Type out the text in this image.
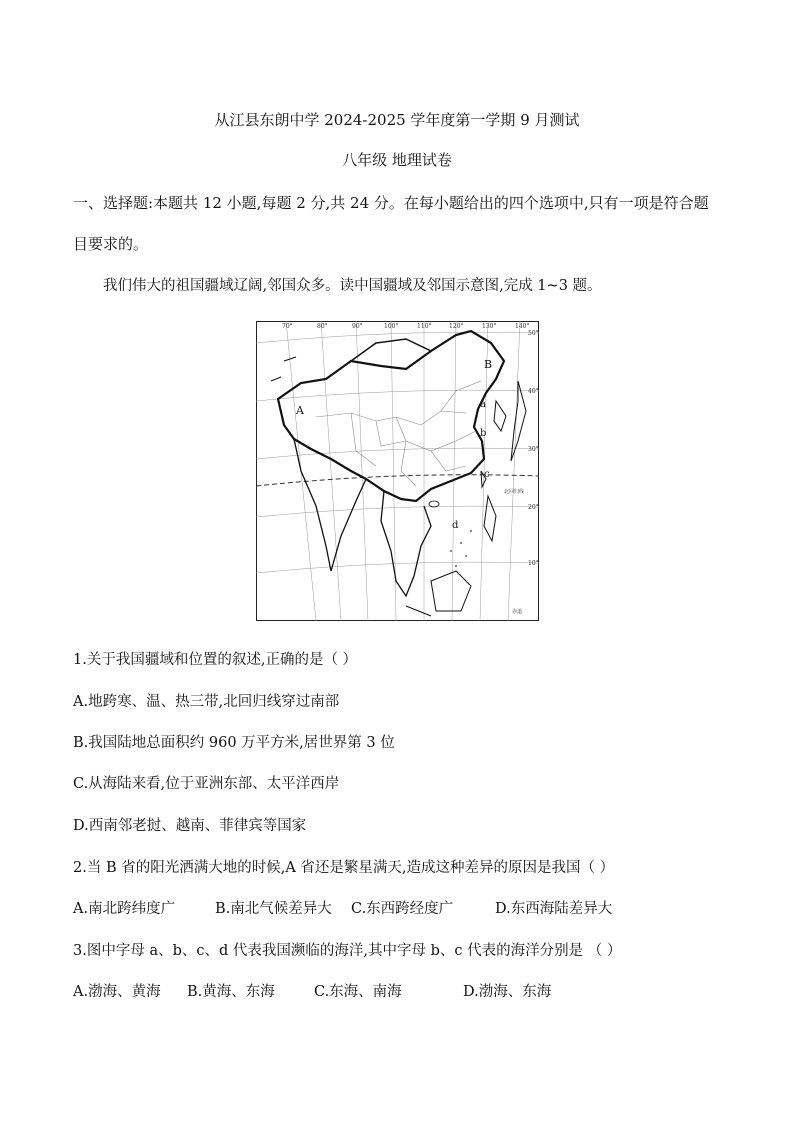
从江县东朗中学 2024-2025 学年度第一学期 9 月测试
八年级 地理试卷
一、选择题:本题共 12 小题,每题 2 分,共 24 分。在每小题给出的四个选项中,只有一项是符合题
目要求的。
我们伟大的祖国疆域辽阔,邻国众多。读中国疆域及邻国示意图,完成 1~3 题。
70°	80°	90°	100°	110°	120°	130°	140°
50°
40°
30°
20°
10°
北回归线
赤道
A
B
a
b
c
d
1.关于我国疆域和位置的叙述,正确的是（ ）
A.地跨寒、温、热三带,北回归线穿过南部
B.我国陆地总面积约 960 万平方米,居世界第 3 位
C.从海陆来看,位于亚洲东部、太平洋西岸
D.西南邻老挝、越南、菲律宾等国家
2.当 B 省的阳光洒满大地的时候,A 省还是繁星满天,造成这种差异的原因是我国（ ）
A.南北跨纬度广	B.南北气候差异大 C.东西跨经度广	D.东西海陆差异大
3.图中字母 a、b、c、d 代表我国濒临的海洋,其中字母 b、c 代表的海洋分别是 （ ）
A.渤海、黄海 B.黄海、东海	C.东海、南海	D.渤海、东海
